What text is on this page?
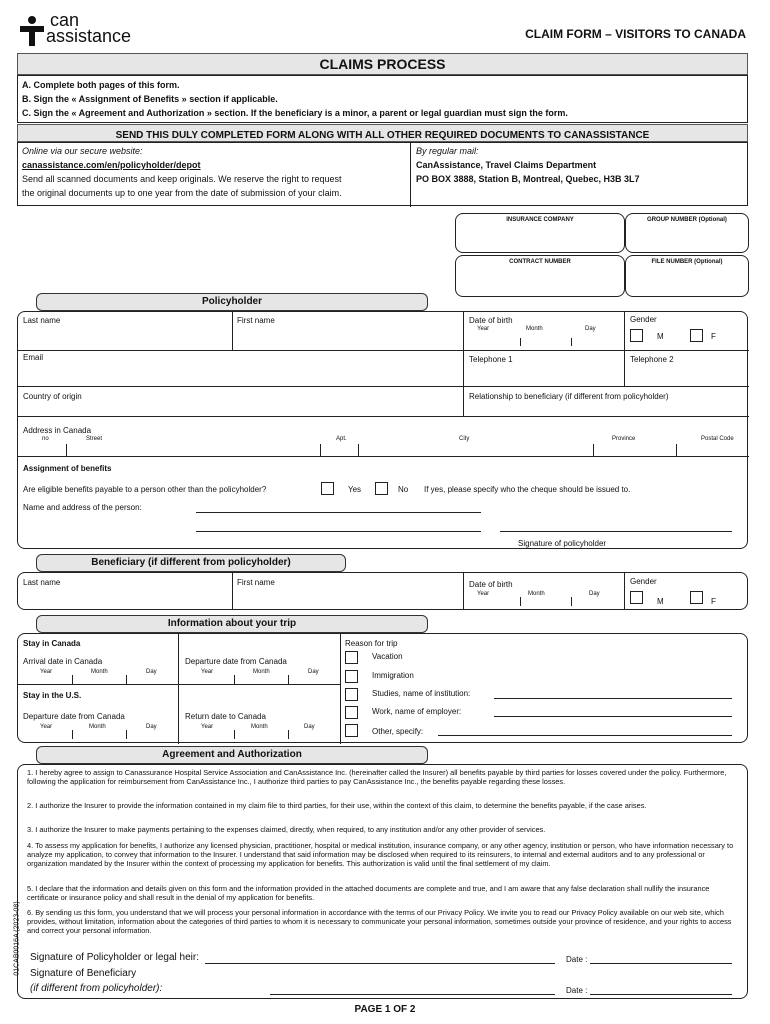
can
assistance	CLAIM FORM – VISITORS TO CANADA
CLAIMS PROCESS
A. Complete both pages of this form.
B. Sign the « Assignment of Benefits » section if applicable.
C. Sign the « Agreement and Authorization » section. If the beneficiary is a minor, a parent or legal guardian must sign the form.
SEND THIS DULY COMPLETED FORM ALONG WITH ALL OTHER REQUIRED DOCUMENTS TO CANASSISTANCE
Online via our secure website:
canassistance.com/en/policyholder/depot
Send all scanned documents and keep originals. We reserve the right to request
the original documents up to one year from the date of submission of your claim.
By regular mail:
CanAssistance, Travel Claims Department
PO BOX 3888, Station B, Montreal, Quebec, H3B 3L7
INSURANCE COMPANY	GROUP NUMBER (Optional)
CONTRACT NUMBER	FILE NUMBER (Optional)
Policyholder
Last name	First name	Date of birth
Year	Month	Day
Gender
M	F
Email	Telephone 1	Telephone 2
Country of origin	Relationship to beneficiary (if different from policyholder)
Address in Canada
no	Street	Apt.	City	Province	Postal Code
Assignment of benefits
Are eligible benefits payable to a person other than the policyholder?	Yes	No If yes, please specify who the cheque should be issued to.
Name and address of the person:
Signature of policyholder
Beneficiary (if different from policyholder)
Last name	First name	Date of birth
Year	Month	Day
Gender
M	F
Information about your trip
Stay in Canada
Arrival date in Canada
Year	Month	Day
Departure date from Canada
Year	Month	Day
Stay in the U.S.
Departure date from Canada
Year	Month	Day
Return date to Canada
Year	Month	Day
Reason for trip
Vacation
Immigration
Studies, name of institution:
Work, name of employer:
Other, specify:
Agreement and Authorization
1. I hereby agree to assign to Canassurance Hospital Service Association and CanAssistance Inc. (hereinafter called the Insurer) all benefits payable by third parties for losses covered under the policy. Furthermore, following the application for reimbursement from CanAssistance Inc., I authorize third parties to pay CanAssistance Inc., the benefits payable regarding these losses.
2. I authorize the Insurer to provide the information contained in my claim file to third parties, for their use, within the context of this claim, to determine the benefits payable, if the case arises.
3. I authorize the Insurer to make payments pertaining to the expenses claimed, directly, when required, to any institution and/or any other provider of services.
4. To assess my application for benefits, I authorize any licensed physician, practitioner, hospital or medical institution, insurance company, or any other agency, institution or person, who have information necessary to analyze my application, to convey that information to the Insurer. I understand that said information may be disclosed when required to its reinsurers, to internal and external auditors and to any professional or organization mandated by the Insurer within the context of processing my application for benefits. This authorization is valid until the final settlement of my claim.
5. I declare that the information and details given on this form and the information provided in the attached documents are complete and true, and I am aware that any false declaration shall nullify the insurance certificate or insurance policy and shall result in the denial of my application for benefits.
6. By sending us this form, you understand that we will process your personal information in accordance with the terms of our Privacy Policy. We invite you to read our Privacy Policy available on our web site, which provides, without limitation, information about the categories of third parties to whom it is necessary to communicate your personal information, sometimes outside your province of residence, and your rights to access and correct your personal information.
Signature of Policyholder or legal heir:	Date :
Signature of Beneficiary
(if different from policyholder):	Date :
01CAB0016A (2023-08)
PAGE 1 OF 2
